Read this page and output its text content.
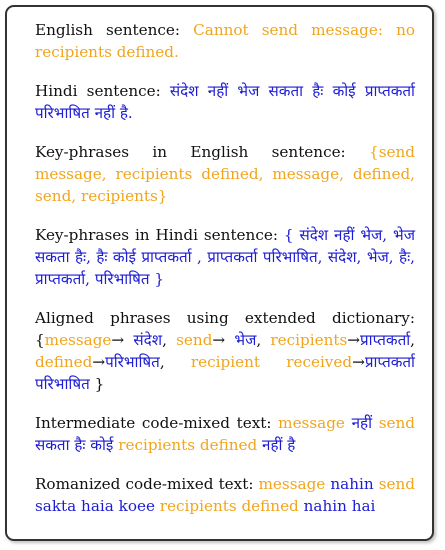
English sentence: Cannot send message: no recipients defined.

Hindi sentence: संदेश नहीं भेज सकता हैः कोई प्राप्तकर्ता परिभाषित नहीं है.

Key-phrases in English sentence: {send message, recipients defined, message, defined, send, recipients}

Key-phrases in Hindi sentence: { संदेश नहीं भेज, भेज सकता हैः, हैः कोई प्राप्तकर्ता , प्राप्तकर्ता परिभाषित, संदेश, भेज, हैः, प्राप्तकर्ता, परिभाषित }

Aligned phrases using extended dictionary: {message→ संदेश, send→ भेज, recipients→प्राप्तकर्ता, defined→परिभाषित, recipient received→प्राप्तकर्ता परिभाषित }

Intermediate code-mixed text: message नहीं send सकता हैः कोई recipients defined नहीं है

Romanized code-mixed text: message nahin send sakta haia koee recipients defined nahin hai
